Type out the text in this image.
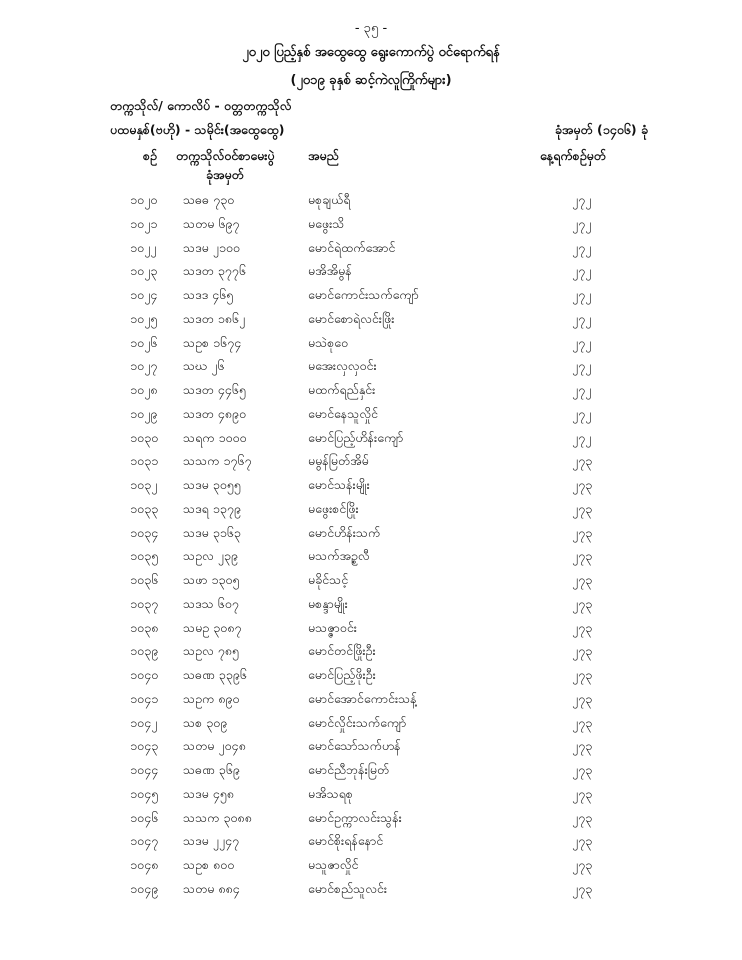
- ၃၅ -
၂၀၂၀ ပြည့်နှစ် အထွေထွေ ရွေးကောက်ပွဲ ဝင်ရောက်ရန်
(၂၀၁၉ ခုနှစ် ဆင့်ကဲလူကြိုက်များ)
တက္ကသိုလ်/ ကောလိပ် - ဝတ္တတက္ကသိုလ်
ပထမနှစ်(ဗဟို) - သမိုင်း(အထွေထွေ)	ခုံအမှတ် (၁၄၀၆) ခုံ
စဉ် တက္ကသိုလ်ဝင်စာမေးပွဲ
ခုံအမှတ်
အမည်	နေ့ရက်စဉ်မှတ်
၁၀၂၀ သဓဓ ၇၃၀	မစုချယ်ရီ	၂၇၂
၁၀၂၁ သတမ ၆၉၇	မဖွေးသိ	၂၇၂
၁၀၂၂ သဒမ ၂၁၀၀	မောင်ရဲထက်အောင်	၂၇၂
၁၀၂၃ သဒတ ၃၇၇၆	မအိအိမွန်	၂၇၂
၁၀၂၄ သဒဒ ၄၆၅	မောင်ကောင်းသက်ကျော်	၂၇၂
၁၀၂၅ သဒတ ၁၈၆၂	မောင်စောရဲလင်းဖြိုး	၂၇၂
၁၀၂၆ သဥစ ၁၆၇၄	မသဲစုဝေ	၂၇၂
၁၀၂၇ သဃ ၂၆	မအေးလှလှဝင်း	၂၇၂
၁၀၂၈ သဒတ ၄၄၆၅	မထက်ရည်နှင်း	၂၇၂
၁၀၂၉ သဒတ ၄၈၉၀	မောင်နေသူလှိုင်	၂၇၂
၁၀၃၀ သရက ၁၀၀၀	မောင်ပြည့်ဟိန်းကျော်	၂၇၂
၁၀၃၁ သသက ၁၇၆၇	မမွန်မြတ်အိမ်	၂၇၃
၁၀၃၂ သဒမ ၃၀၅၅	မောင်သန်းမျိုး	၂၇၃
၁၀၃၃ သဒရ ၁၃၇၉	မဖွေးစင်ဖြိုး	၂၇၃
၁၀၃၄ သဒမ ၃၁၆၃	မောင်ဟိန်းသက်	၂၇၃
၁၀၃၅ သဥလ ၂၃၉	မသက်အဥ္စလီ	၂၇၃
၁၀၃၆ သဖာ ၁၃၀၅	မခိုင်သင့်	၂၇၃
၁၀၃၇ သဒသ ၆၀၇	မစန္ဒာမျိုး	၂၇၃
၁၀၃၈ သမဥ ၃၀၈၇	မသဇ္ဇာဝင်း	၂၇၃
၁၀၃၉ သဥလ ၇၈၅	မောင်တင်ဖြိုးဦး	၂၇၃
၁၀၄၀ သဓဏ ၃၃၉၆	မောင်ပြည့်ဖိုးဦး	၂၇၃
၁၀၄၁ သဥက ၈၉၀	မောင်အောင်ကောင်းသန့်	၂၇၃
၁၀၄၂ သစ ၃၀၉	မောင်လှိုင်းသက်ကျော်	၂၇၃
၁၀၄၃ သတမ ၂၀၄၈	မောင်သော်သက်ဟန်	၂၇၃
၁၀၄၄ သဓဏ ၃၆၉	မောင်ညီဘုန်းမြတ်	၂၇၃
၁၀၄၅ သဒမ ၄၅၈	မအိသရစု	၂၇၃
၁၀၄၆ သသက ၃၀၈၈	မောင်ဥက္ကာလင်းသွန်း	၂၇၃
၁၀၄၇ သဒမ ၂၂၄၇	မောင်စိုးရန်နောင်	၂၇၃
၁၀၄၈ သဥစ ၈၀၀	မသူဇာလှိုင်	၂၇၃
၁၀၄၉ သတမ ၈၈၄	မောင်စည်သူလင်း	၂၇၃
